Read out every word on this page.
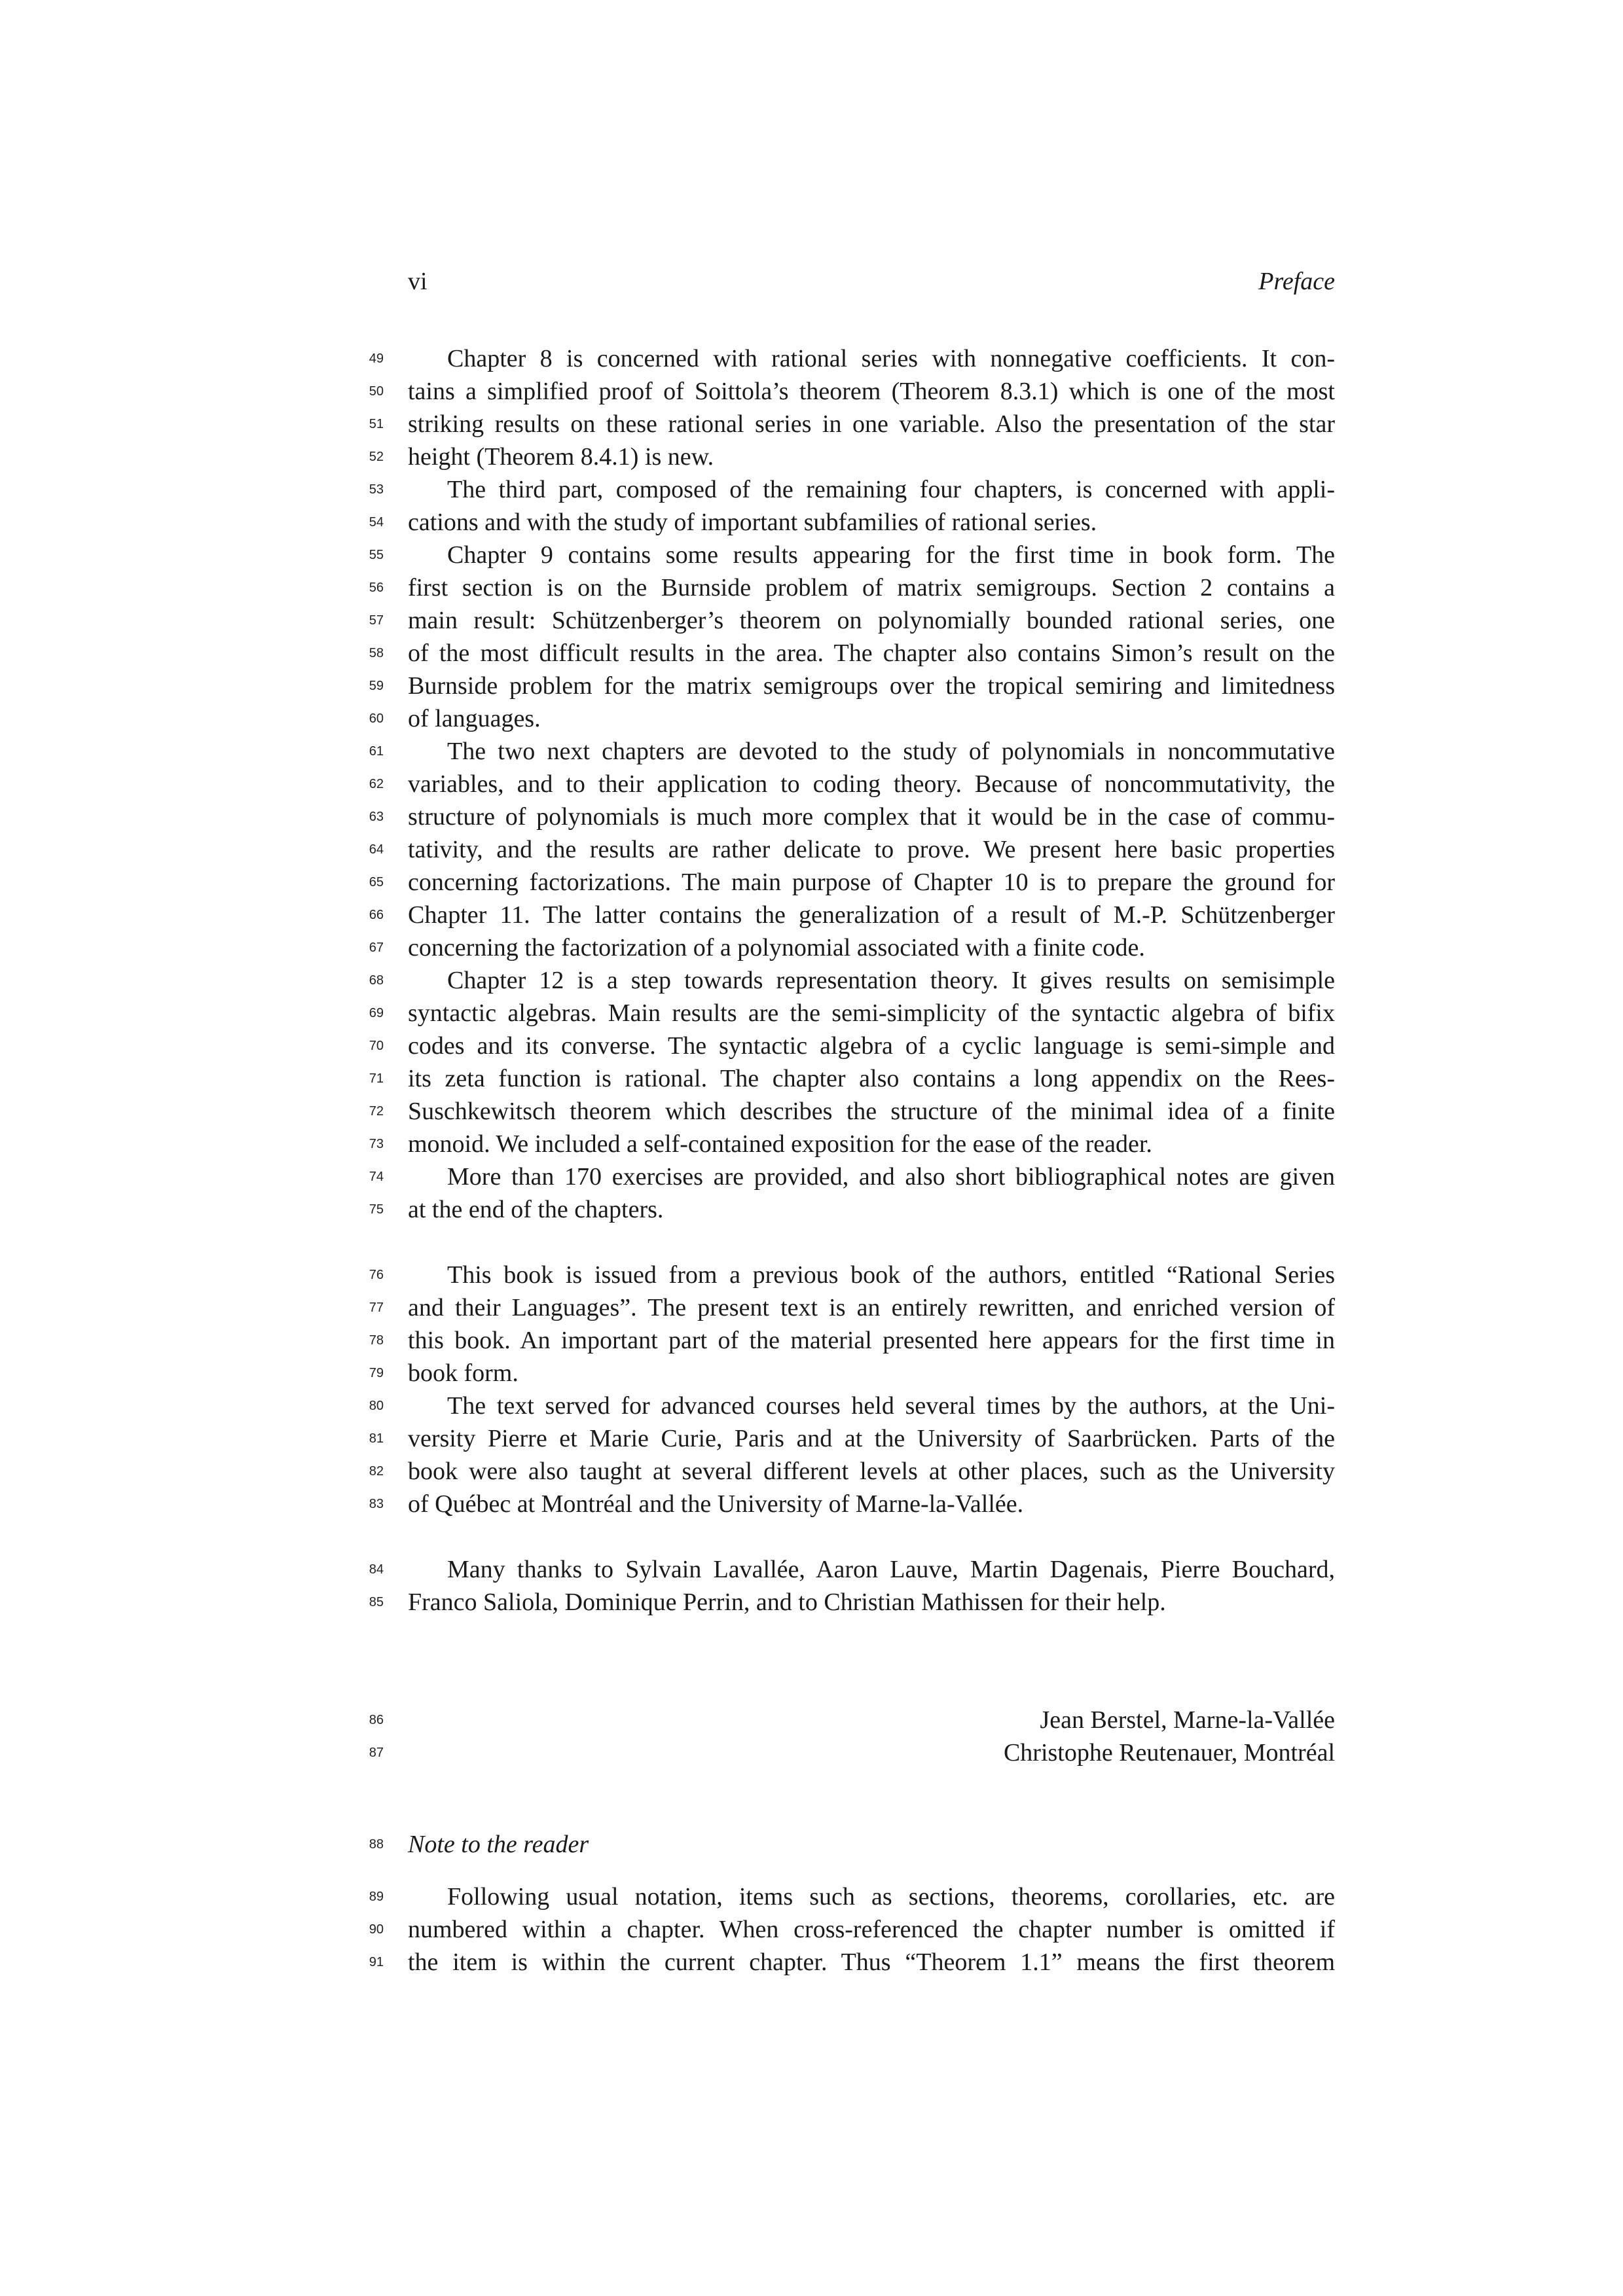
vi	Preface
49	Chapter 8 is concerned with rational series with nonnegative coefficients. It con-
50 tains a simplified proof of Soittola’s theorem (Theorem 8.3.1) which is one of the most
51 striking results on these rational series in one variable. Also the presentation of the star
52 height (Theorem 8.4.1) is new.
53	The third part, composed of the remaining four chapters, is concerned with appli-
54 cations and with the study of important subfamilies of rational series.
55	Chapter 9 contains some results appearing for the first time in book form. The
56 first section is on the Burnside problem of matrix semigroups. Section 2 contains a
57 main result: Schützenberger’s theorem on polynomially bounded rational series, one
58 of the most difficult results in the area. The chapter also contains Simon’s result on the
59 Burnside problem for the matrix semigroups over the tropical semiring and limitedness
60 of languages.
61	The two next chapters are devoted to the study of polynomials in noncommutative
62 variables, and to their application to coding theory. Because of noncommutativity, the
63 structure of polynomials is much more complex that it would be in the case of commu-
64 tativity, and the results are rather delicate to prove. We present here basic properties
65 concerning factorizations. The main purpose of Chapter 10 is to prepare the ground for
66 Chapter 11. The latter contains the generalization of a result of M.-P. Schützenberger
67 concerning the factorization of a polynomial associated with a finite code.
68	Chapter 12 is a step towards representation theory. It gives results on semisimple
69 syntactic algebras. Main results are the semi-simplicity of the syntactic algebra of bifix
70 codes and its converse. The syntactic algebra of a cyclic language is semi-simple and
71 its zeta function is rational. The chapter also contains a long appendix on the Rees-
72 Suschkewitsch theorem which describes the structure of the minimal idea of a finite
73 monoid. We included a self-contained exposition for the ease of the reader.
74	More than 170 exercises are provided, and also short bibliographical notes are given
75 at the end of the chapters.
76	This book is issued from a previous book of the authors, entitled “Rational Series
77 and their Languages”. The present text is an entirely rewritten, and enriched version of
78 this book. An important part of the material presented here appears for the first time in
79 book form.
80	The text served for advanced courses held several times by the authors, at the Uni-
81 versity Pierre et Marie Curie, Paris and at the University of Saarbrücken. Parts of the
82 book were also taught at several different levels at other places, such as the University
83 of Québec at Montréal and the University of Marne-la-Vallée.
84	Many thanks to Sylvain Lavallée, Aaron Lauve, Martin Dagenais, Pierre Bouchard,
85 Franco Saliola, Dominique Perrin, and to Christian Mathissen for their help.
86	Jean Berstel, Marne-la-Vallée
87	Christophe Reutenauer, Montréal
88 Note to the reader
89	Following usual notation, items such as sections, theorems, corollaries, etc. are
90 numbered within a chapter. When cross-referenced the chapter number is omitted if
91 the item is within the current chapter. Thus “Theorem 1.1” means the first theorem
